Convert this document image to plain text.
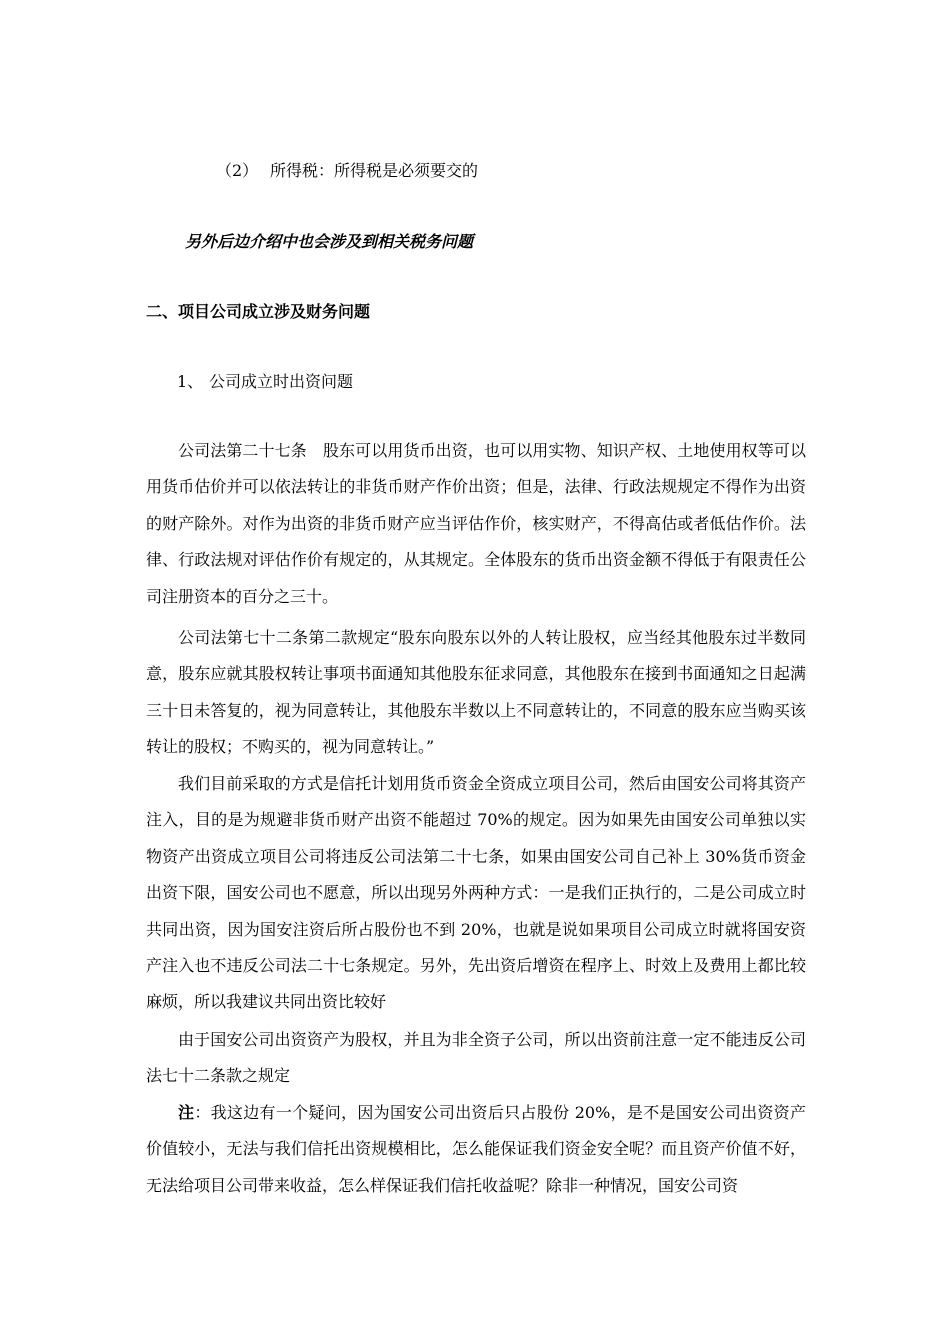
（2） 所得税：所得税是必须要交的
另外后边介绍中也会涉及到相关税务问题
二、项目公司成立涉及财务问题
1、 公司成立时出资问题

公司法第二十七条　股东可以用货币出资，也可以用实物、知识产权、土地使用权等可以用货币估价并可以依法转让的非货币财产作价出资；但是，法律、行政法规规定不得作为出资的财产除外。对作为出资的非货币财产应当评估作价，核实财产，不得高估或者低估作价。法律、行政法规对评估作价有规定的，从其规定。全体股东的货币出资金额不得低于有限责任公司注册资本的百分之三十。

公司法第七十二条第二款规定“股东向股东以外的人转让股权，应当经其他股东过半数同意，股东应就其股权转让事项书面通知其他股东征求同意，其他股东在接到书面通知之日起满三十日未答复的，视为同意转让，其他股东半数以上不同意转让的，不同意的股东应当购买该转让的股权；不购买的，视为同意转让。”

我们目前采取的方式是信托计划用货币资金全资成立项目公司，然后由国安公司将其资产注入，目的是为规避非货币财产出资不能超过 70%的规定。因为如果先由国安公司单独以实物资产出资成立项目公司将违反公司法第二十七条，如果由国安公司自己补上 30%货币资金出资下限，国安公司也不愿意，所以出现另外两种方式：一是我们正执行的，二是公司成立时共同出资，因为国安注资后所占股份也不到 20%，也就是说如果项目公司成立时就将国安资产注入也不违反公司法二十七条规定。另外，先出资后增资在程序上、时效上及费用上都比较麻烦，所以我建议共同出资比较好

由于国安公司出资资产为股权，并且为非全资子公司，所以出资前注意一定不能违反公司法七十二条款之规定

注：我这边有一个疑问，因为国安公司出资后只占股份 20%，是不是国安公司出资资产价值较小，无法与我们信托出资规模相比，怎么能保证我们资金安全呢？而且资产价值不好，无法给项目公司带来收益，怎么样保证我们信托收益呢？除非一种情况，国安公司资
